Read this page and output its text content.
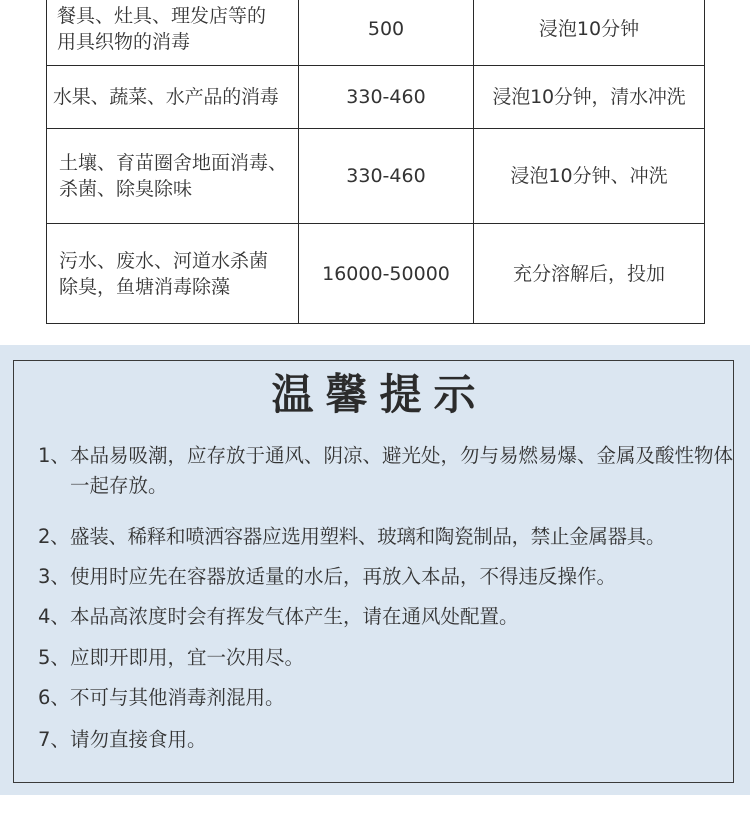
餐具、灶具、理发店等的
用具织物的消毒	500	浸泡10分钟

水果、蔬菜、水产品的消毒	330-460	浸泡10分钟，清水冲洗

土壤、育苗圈舍地面消毒、
杀菌、除臭除味	330-460	浸泡10分钟、冲洗

污水、废水、河道水杀菌
除臭，鱼塘消毒除藻	16000-50000	充分溶解后，投加
温馨提示
1、 本品易吸潮，应存放于通风、阴凉、避光处，勿与易燃易爆、金属及酸性物体一起存放。
2、 盛装、稀释和喷洒容器应选用塑料、玻璃和陶瓷制品，禁止金属器具。
3、 使用时应先在容器放适量的水后，再放入本品，不得违反操作。
4、 本品高浓度时会有挥发气体产生，请在通风处配置。
5、 应即开即用，宜一次用尽。
6、 不可与其他消毒剂混用。
7、 请勿直接食用。
